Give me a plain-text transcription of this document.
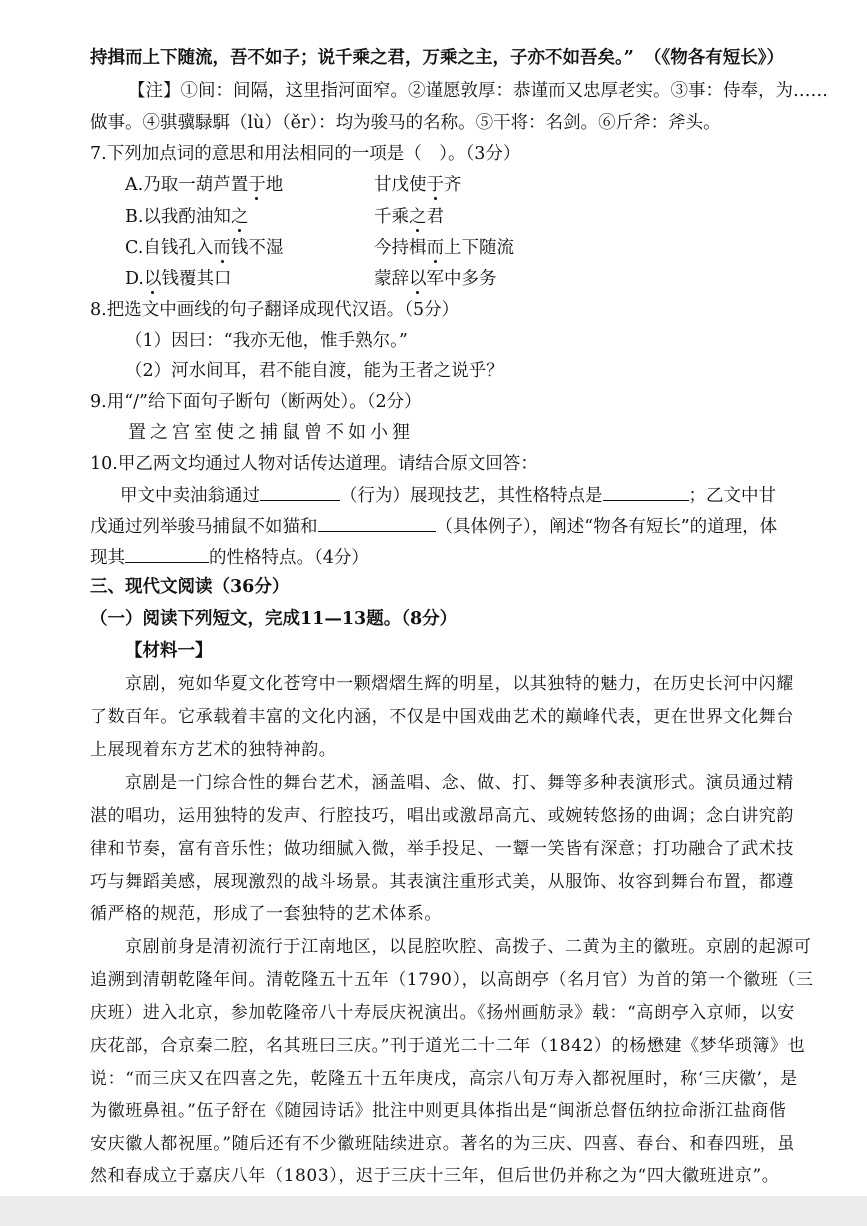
持揖而上下随流，吾不如子；说千乘之君，万乘之主，子亦不如吾矣。” （《物各有短长》）
【注】①间：间隔，这里指河面窄。②谨愿敦厚：恭谨而又忠厚老实。③事：侍奉，为……
做事。④骐骥騄駬（lù）（ěr）：均为骏马的名称。⑤干将：名剑。⑥斤斧：斧头。
7.下列加点词的意思和用法相同的一项是（　）。（3分）
A.乃取一葫芦置于地	甘戊使于齐
B.以我酌油知之	千乘之君
C.自钱孔入而钱不湿	今持楫而上下随流
D.以钱覆其口	蒙辞以军中多务
8.把选文中画线的句子翻译成现代汉语。（5分）
（1）因曰：“我亦无他，惟手熟尔。”
（2）河水间耳，君不能自渡，能为王者之说乎？
9.用“/”给下面句子断句（断两处）。（2分）
置之宫室使之捕鼠曾不如小狸
10.甲乙两文均通过人物对话传达道理。请结合原文回答：
甲文中卖油翁通过	（行为）展现技艺，其性格特点是	；乙文中甘
戊通过列举骏马捕鼠不如猫和	（具体例子），阐述“物各有短长”的道理，体
现其	的性格特点。（4分）
三、现代文阅读（36分）
（一）阅读下列短文，完成11—13题。（8分）
【材料一】
京剧，宛如华夏文化苍穹中一颗熠熠生辉的明星，以其独特的魅力，在历史长河中闪耀
了数百年。它承载着丰富的文化内涵，不仅是中国戏曲艺术的巅峰代表，更在世界文化舞台
上展现着东方艺术的独特神韵。
京剧是一门综合性的舞台艺术，涵盖唱、念、做、打、舞等多种表演形式。演员通过精
湛的唱功，运用独特的发声、行腔技巧，唱出或激昂高亢、或婉转悠扬的曲调；念白讲究韵
律和节奏，富有音乐性；做功细腻入微，举手投足、一颦一笑皆有深意；打功融合了武术技
巧与舞蹈美感，展现激烈的战斗场景。其表演注重形式美，从服饰、妆容到舞台布置，都遵
循严格的规范，形成了一套独特的艺术体系。
京剧前身是清初流行于江南地区，以昆腔吹腔、高拨子、二黄为主的徽班。京剧的起源可
追溯到清朝乾隆年间。清乾隆五十五年（1790），以高朗亭（名月官）为首的第一个徽班（三
庆班）进入北京，参加乾隆帝八十寿辰庆祝演出。《扬州画舫录》载：“高朗亭入京师，以安
庆花部，合京秦二腔，名其班曰三庆。”刊于道光二十二年（1842）的杨懋建《梦华琐簿》也
说：“而三庆又在四喜之先，乾隆五十五年庚戌，高宗八旬万寿入都祝厘时，称‘三庆徽’，是
为徽班鼻祖。”伍子舒在《随园诗话》批注中则更具体指出是“闽浙总督伍纳拉命浙江盐商偕
安庆徽人都祝厘。”随后还有不少徽班陆续进京。著名的为三庆、四喜、春台、和春四班，虽
然和春成立于嘉庆八年（1803），迟于三庆十三年，但后世仍并称之为“四大徽班进京”。
